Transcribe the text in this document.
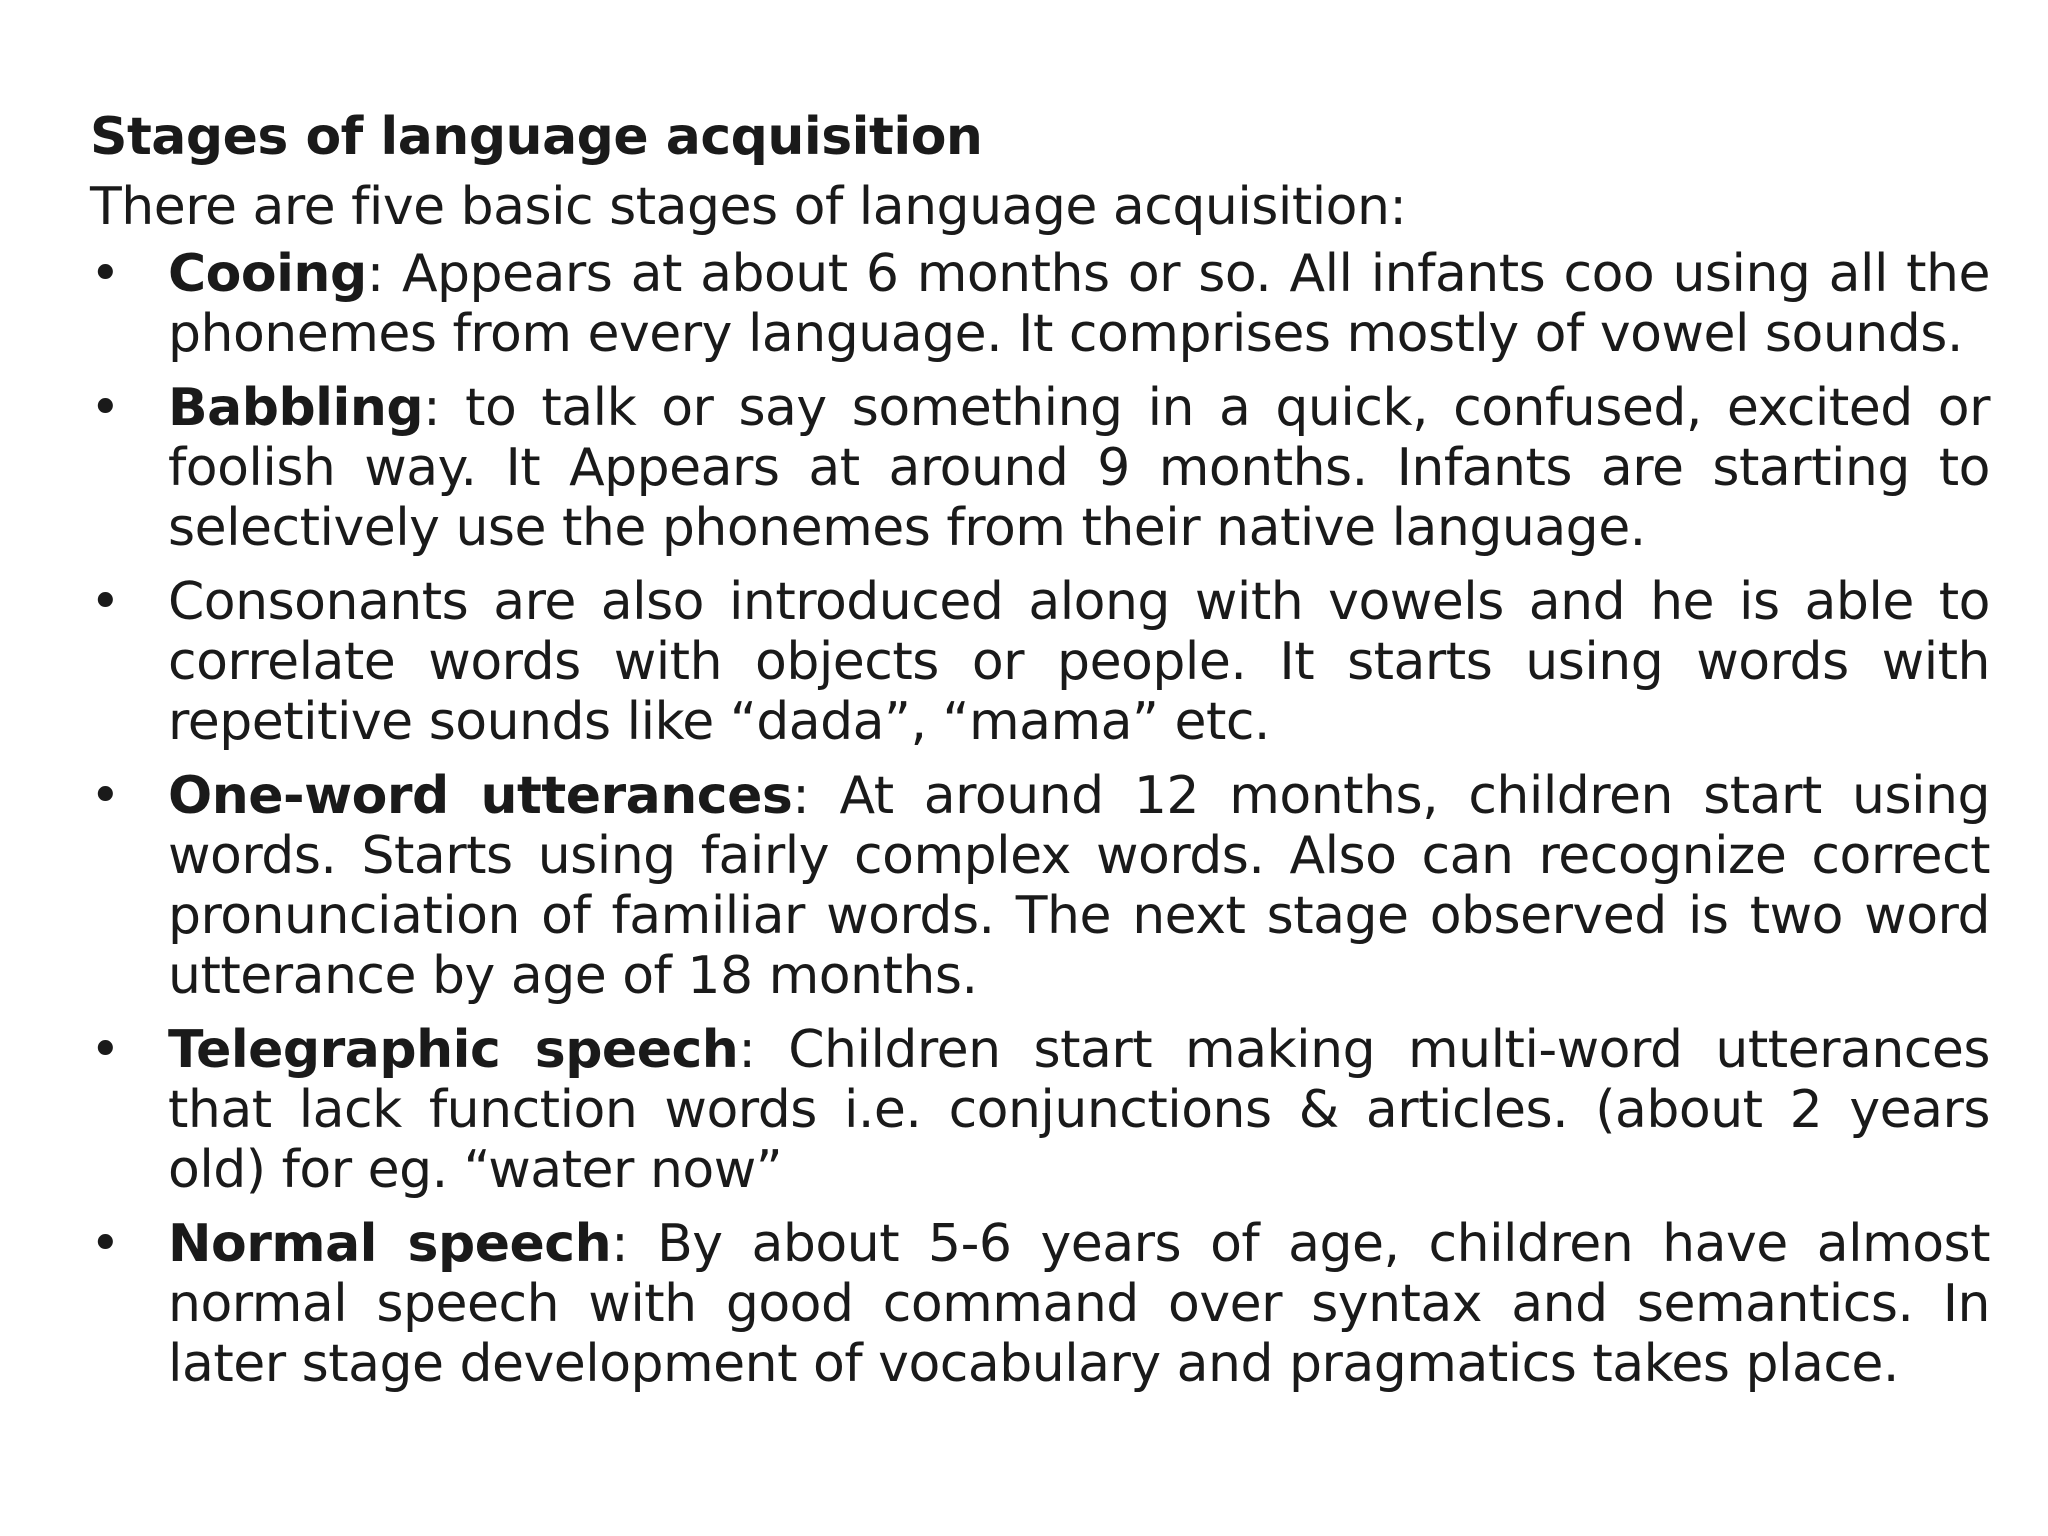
Stages of language acquisition

There are five basic stages of language acquisition:

• Cooing: Appears at about 6 months or so. All infants coo using all the phonemes from every language. It comprises mostly of vowel sounds.
• Babbling: to talk or say something in a quick, confused, excited or foolish way. It Appears at around 9 months. Infants are starting to selectively use the phonemes from their native language.
• Consonants are also introduced along with vowels and he is able to correlate words with objects or people. It starts using words with repetitive sounds like “dada”, “mama” etc.
• One-word utterances: At around 12 months, children start using words. Starts using fairly complex words. Also can recognize correct pronunciation of familiar words. The next stage observed is two word utterance by age of 18 months.
• Telegraphic speech: Children start making multi-word utterances that lack function words i.e. conjunctions & articles. (about 2 years old) for eg. “water now”
• Normal speech: By about 5-6 years of age, children have almost normal speech with good command over syntax and semantics. In later stage development of vocabulary and pragmatics takes place.
